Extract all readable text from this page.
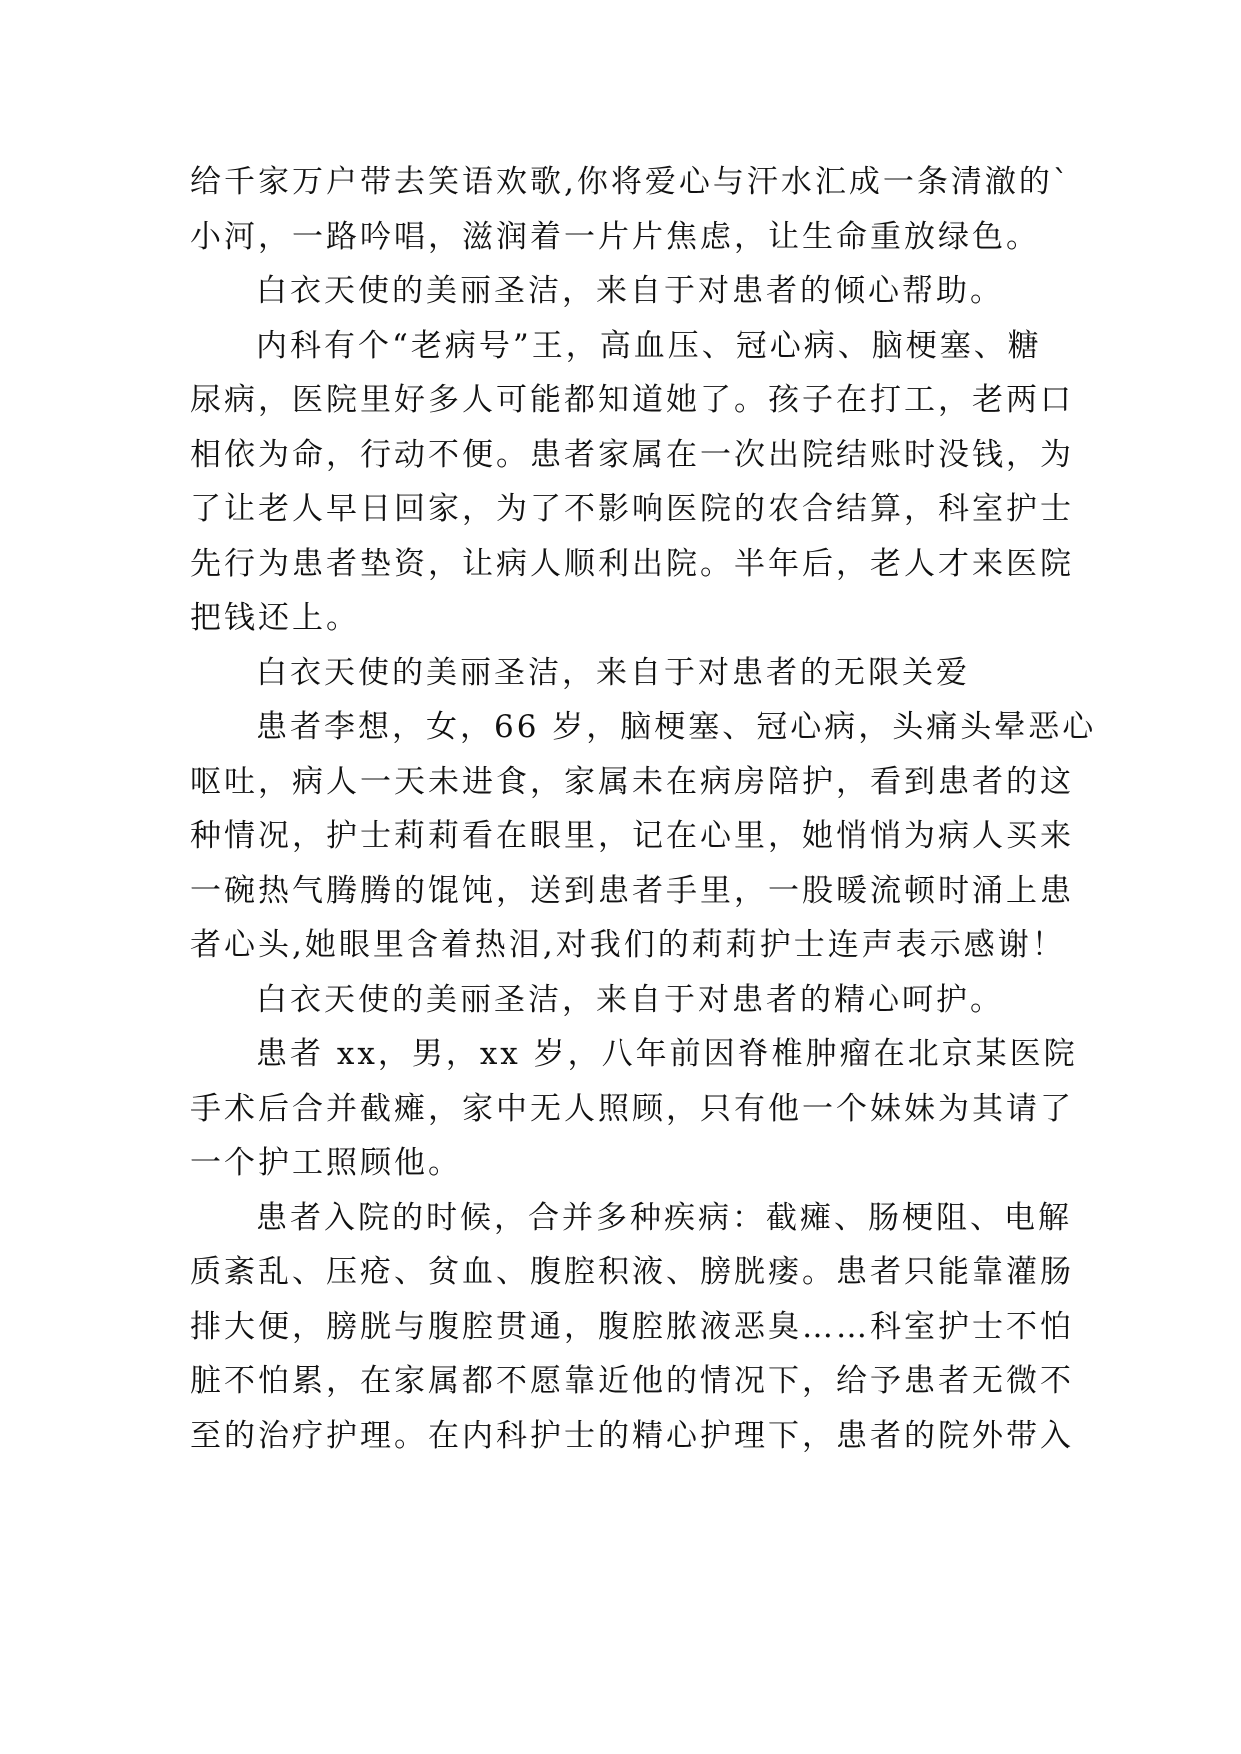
给千家万户带去笑语欢歌,你将爱心与汗水汇成一条清澈的`
小河，一路吟唱，滋润着一片片焦虑，让生命重放绿色。
白衣天使的美丽圣洁，来自于对患者的倾心帮助。
内科有个“老病号”王，高血压、冠心病、脑梗塞、糖
尿病，医院里好多人可能都知道她了。孩子在打工，老两口
相依为命，行动不便。患者家属在一次出院结账时没钱，为
了让老人早日回家，为了不影响医院的农合结算，科室护士
先行为患者垫资，让病人顺利出院。半年后，老人才来医院
把钱还上。
白衣天使的美丽圣洁，来自于对患者的无限关爱
患者李想，女，66 岁，脑梗塞、冠心病，头痛头晕恶心
呕吐，病人一天未进食，家属未在病房陪护，看到患者的这
种情况，护士莉莉看在眼里，记在心里，她悄悄为病人买来
一碗热气腾腾的馄饨，送到患者手里，一股暖流顿时涌上患
者心头,她眼里含着热泪,对我们的莉莉护士连声表示感谢！
白衣天使的美丽圣洁，来自于对患者的精心呵护。
患者 xx，男，xx 岁，八年前因脊椎肿瘤在北京某医院
手术后合并截瘫，家中无人照顾，只有他一个妹妹为其请了
一个护工照顾他。
患者入院的时候，合并多种疾病：截瘫、肠梗阻、电解
质紊乱、压疮、贫血、腹腔积液、膀胱瘘。患者只能靠灌肠
排大便，膀胱与腹腔贯通，腹腔脓液恶臭……科室护士不怕
脏不怕累，在家属都不愿靠近他的情况下，给予患者无微不
至的治疗护理。在内科护士的精心护理下，患者的院外带入
